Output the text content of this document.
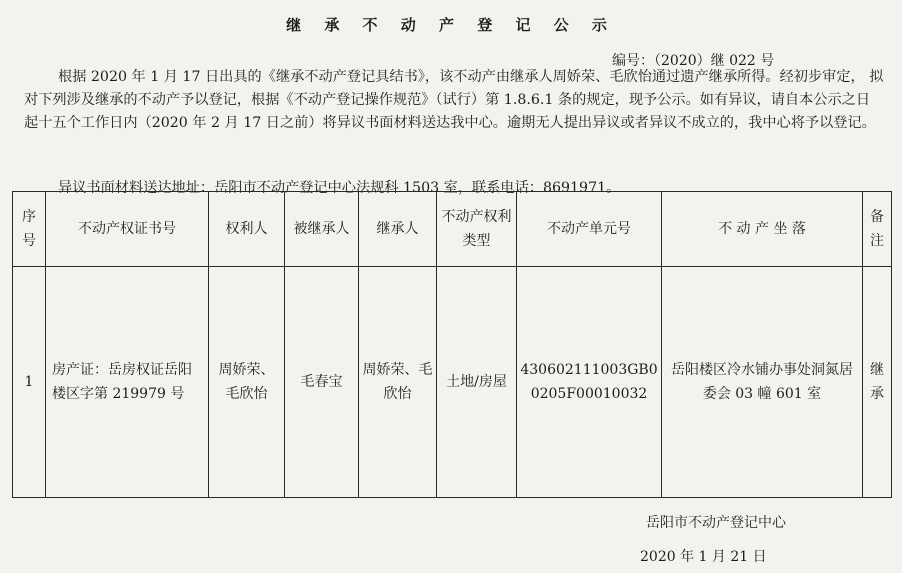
继 承 不 动 产 登 记 公 示
编号：（2020）继 022 号
根据 2020 年 1 月 17 日出具的《继承不动产登记具结书》，该不动产由继承人周娇荣、毛欣怡通过遗产继承所得。经初步审定， 拟对下列涉及继承的不动产予以登记，根据《不动产登记操作规范》（试行）第 1.8.6.1 条的规定，现予公示。如有异议，请自本公示之日起十五个工作日内（2020 年 2 月 17 日之前）将异议书面材料送达我中心。逾期无人提出异议或者异议不成立的，我中心将予以登记。
异议书面材料送达地址：岳阳市不动产登记中心法规科 1503 室，联系电话：8691971。
序号	不动产权证书号	权利人	被继承人	继承人	不动产权利类型	不动产单元号	不 动 产 坐 落	备注
1	房产证：岳房权证岳阳楼区字第 219979 号	周娇荣、毛欣怡	毛春宝	周娇荣、毛欣怡	土地/房屋	430602111003GB00205F00010032	岳阳楼区冷水铺办事处洞氮居委会 03 幢 601 室	继承
岳阳市不动产登记中心
2020 年 1 月 21 日
